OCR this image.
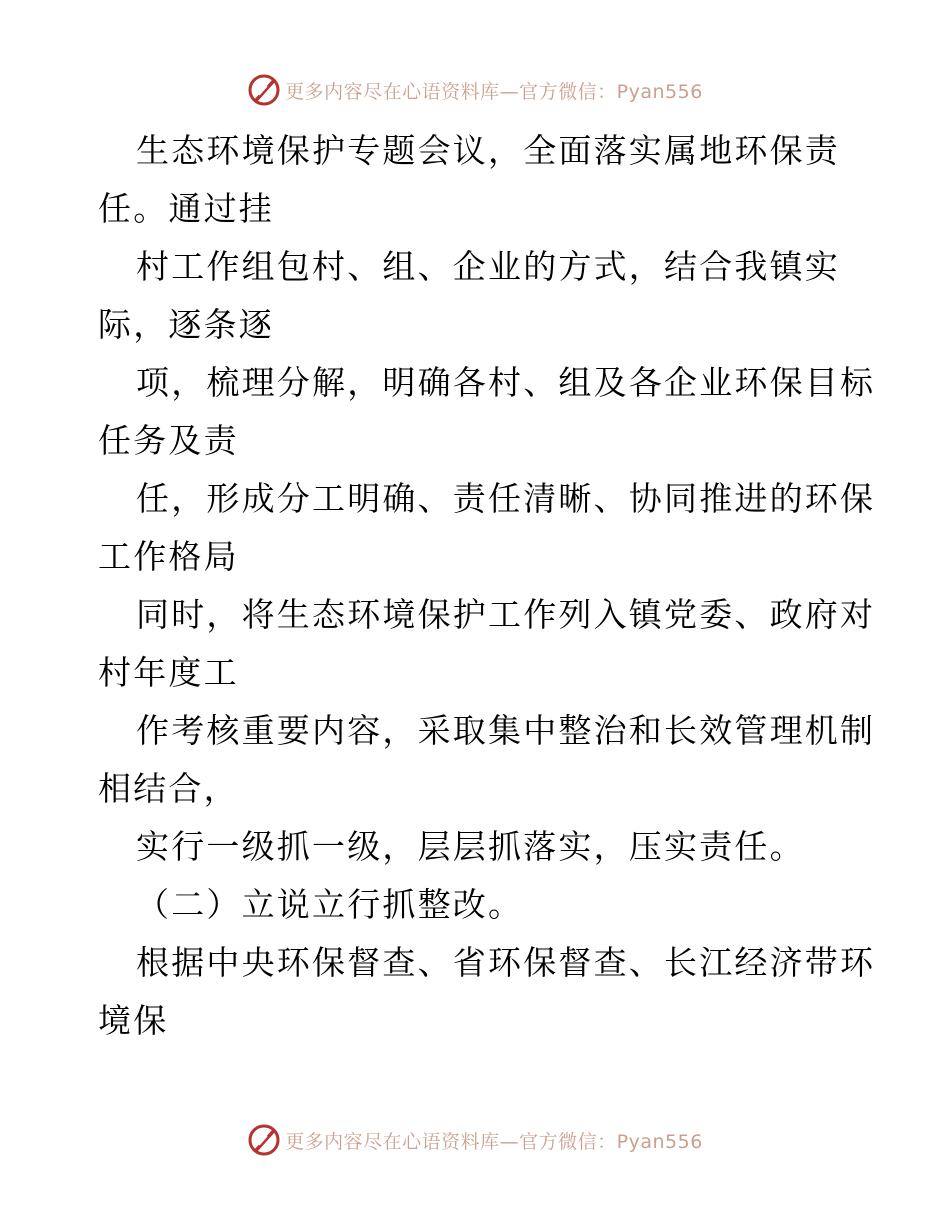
更多内容尽在心语资料库—官方微信：Pyan556
生态环境保护专题会议，全面落实属地环保责
任。通过挂
村工作组包村、组、企业的方式，结合我镇实
际，逐条逐
项，梳理分解，明确各村、组及各企业环保目标
任务及责
任，形成分工明确、责任清晰、协同推进的环保
工作格局
同时，将生态环境保护工作列入镇党委、政府对
村年度工
作考核重要内容，采取集中整治和长效管理机制
相结合，
实行一级抓一级，层层抓落实，压实责任。
（二）立说立行抓整改。
根据中央环保督查、省环保督查、长江经济带环
境保
更多内容尽在心语资料库—官方微信：Pyan556
